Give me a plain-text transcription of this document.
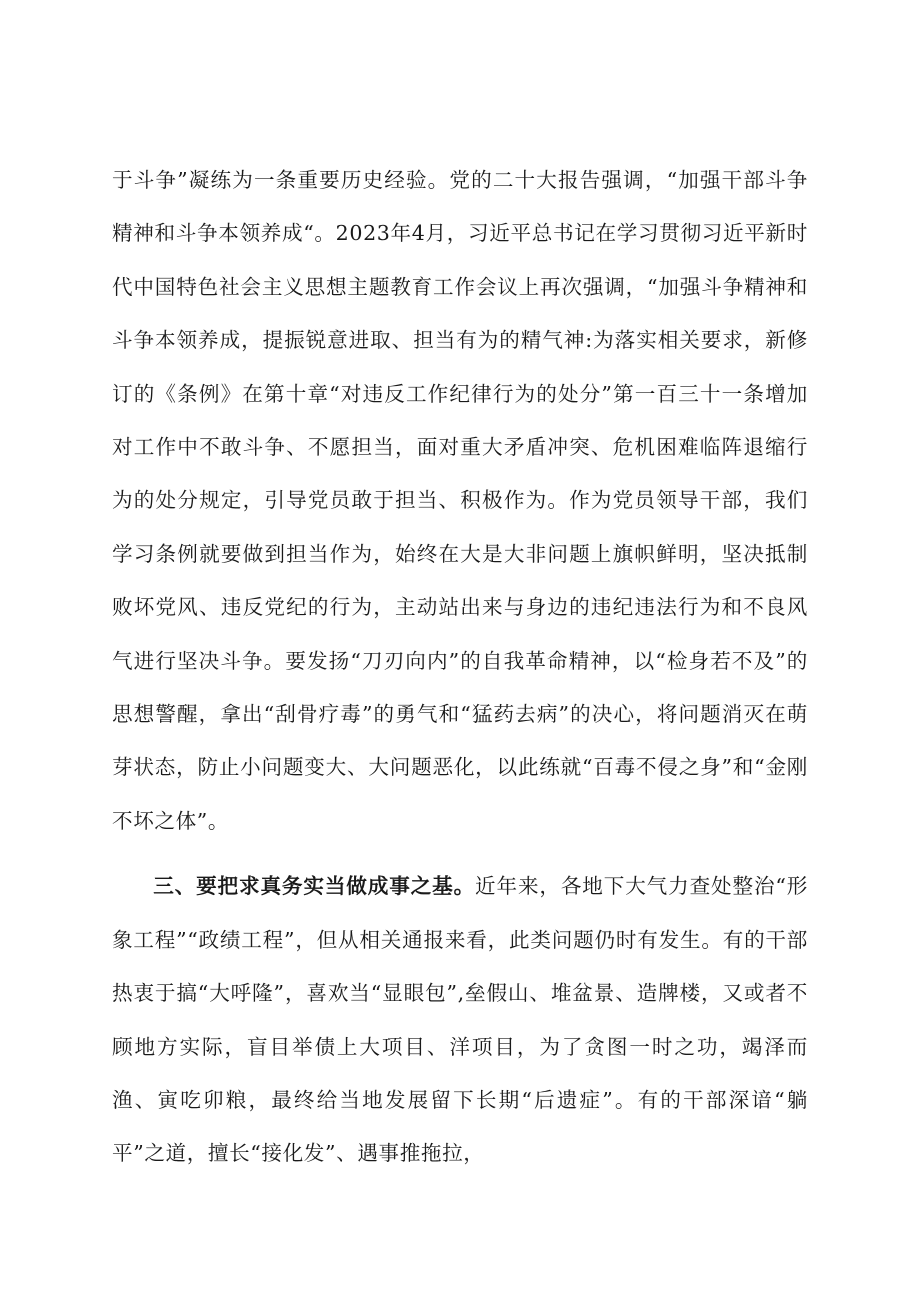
于斗争”凝练为一条重要历史经验。党的二十大报告强调，“加强干部斗争精神和斗争本领养成“。2023年4月，习近平总书记在学习贯彻习近平新时代中国特色社会主义思想主题教育工作会议上再次强调，“加强斗争精神和斗争本领养成，提振锐意进取、担当有为的精气神:为落实相关要求，新修订的《条例》在第十章“对违反工作纪律行为的处分”第一百三十一条增加对工作中不敢斗争、不愿担当，面对重大矛盾冲突、危机困难临阵退缩行为的处分规定，引导党员敢于担当、积极作为。作为党员领导干部，我们学习条例就要做到担当作为，始终在大是大非问题上旗帜鲜明，坚决抵制败坏党风、违反党纪的行为，主动站出来与身边的违纪违法行为和不良风气进行坚决斗争。要发扬“刀刃向内”的自我革命精神，以“检身若不及”的思想警醒，拿出“刮骨疗毒”的勇气和“猛药去病”的决心，将问题消灭在萌芽状态，防止小问题变大、大问题恶化，以此练就“百毒不侵之身”和“金刚不坏之体”。

三、要把求真务实当做成事之基。近年来，各地下大气力查处整治“形象工程”“政绩工程”，但从相关通报来看，此类问题仍时有发生。有的干部热衷于搞“大呼隆”，喜欢当“显眼包”,垒假山、堆盆景、造牌楼，又或者不顾地方实际，盲目举债上大项目、洋项目，为了贪图一时之功，竭泽而渔、寅吃卯粮，最终给当地发展留下长期“后遗症”。有的干部深谙“躺平”之道，擅长“接化发”、遇事推拖拉，
